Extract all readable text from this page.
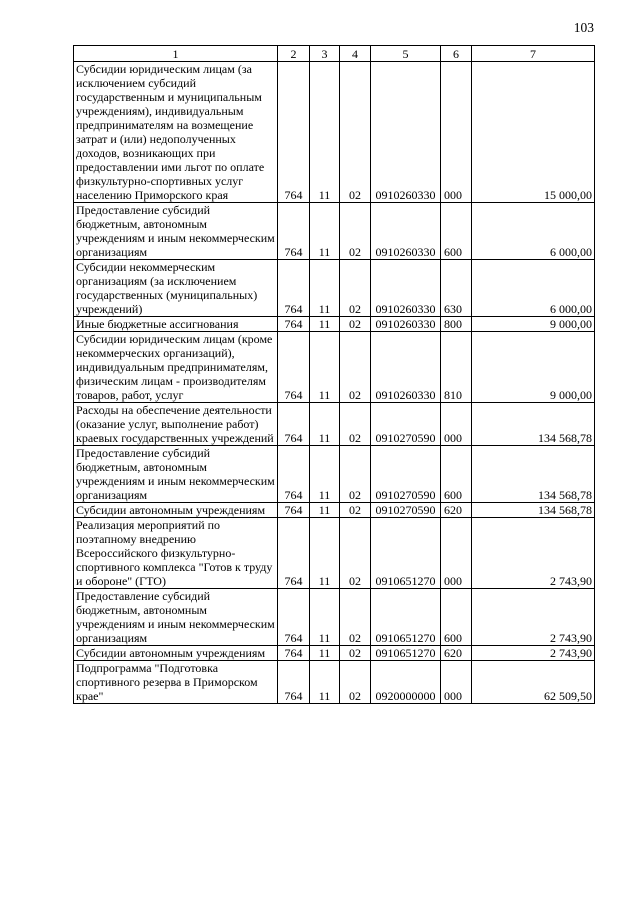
103
1	2	3	4	5	6	7
Субсидии юридическим лицам (за исключением субсидий государственным и муниципальным учреждениям), индивидуальным предпринимателям на возмещение затрат и (или) недополученных доходов, возникающих при предоставлении ими льгот по оплате физкультурно-спортивных услуг населению Приморского края	764	11	02	0910260330	000	15 000,00
Предоставление субсидий бюджетным, автономным учреждениям и иным некоммерческим организациям	764	11	02	0910260330	600	6 000,00
Субсидии некоммерческим организациям (за исключением государственных (муниципальных) учреждений)	764	11	02	0910260330	630	6 000,00
Иные бюджетные ассигнования	764	11	02	0910260330	800	9 000,00
Субсидии юридическим лицам (кроме некоммерческих организаций), индивидуальным предпринимателям, физическим лицам - производителям товаров, работ, услуг	764	11	02	0910260330	810	9 000,00
Расходы на обеспечение деятельности (оказание услуг, выполнение работ) краевых государственных учреждений	764	11	02	0910270590	000	134 568,78
Предоставление субсидий бюджетным, автономным учреждениям и иным некоммерческим организациям	764	11	02	0910270590	600	134 568,78
Субсидии автономным учреждениям	764	11	02	0910270590	620	134 568,78
Реализация мероприятий по поэтапному внедрению Всероссийского физкультурно-спортивного комплекса "Готов к труду и обороне" (ГТО)	764	11	02	0910651270	000	2 743,90
Предоставление субсидий бюджетным, автономным учреждениям и иным некоммерческим организациям	764	11	02	0910651270	600	2 743,90
Субсидии автономным учреждениям	764	11	02	0910651270	620	2 743,90
Подпрограмма "Подготовка спортивного резерва в Приморском крае"	764	11	02	0920000000	000	62 509,50
